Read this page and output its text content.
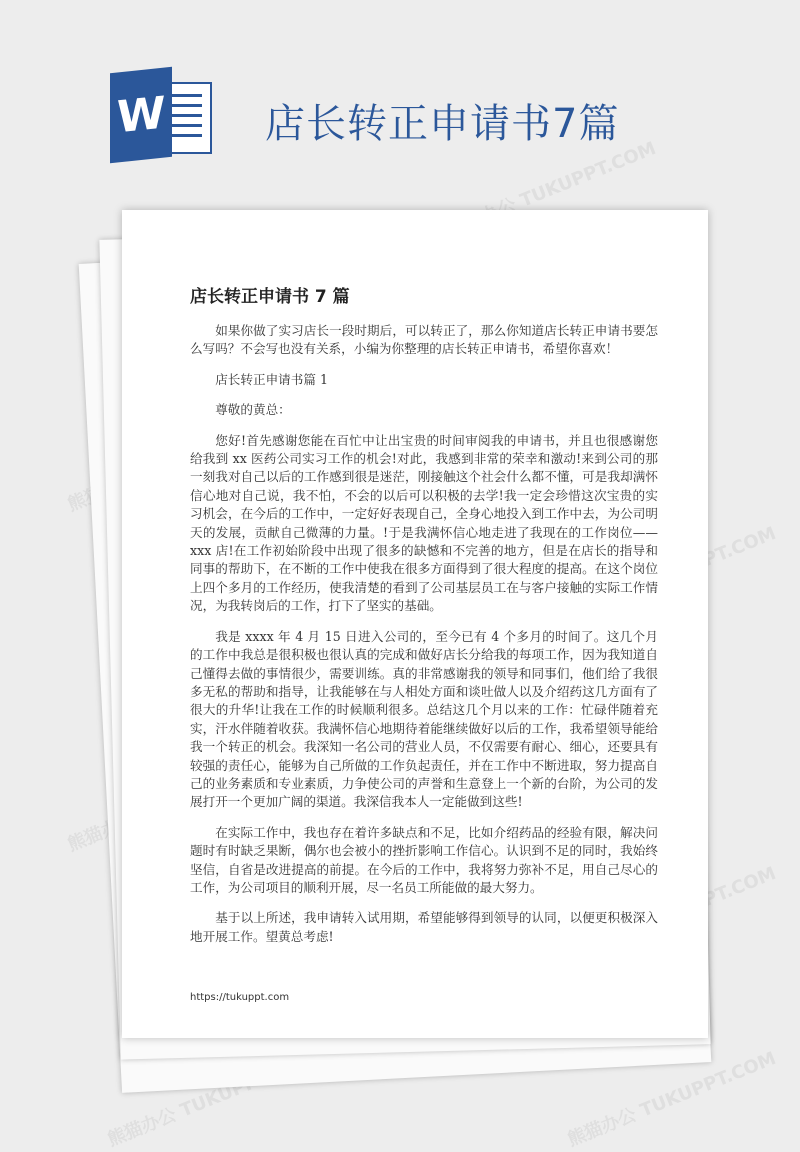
W 店长转正申请书7篇
熊猫办公 TUKUPPT.COM
TUKUPPT.COM
熊猫办公
TUKUPPT.COM
熊猫办公 TUKUPPT.COM	熊猫办公 TUKUPPT.COM
店长转正申请书 7 篇

如果你做了实习店长一段时期后，可以转正了，那么你知道店长转正申请书要怎么写吗？不会写也没有关系，小编为你整理的店长转正申请书，希望你喜欢！

店长转正申请书篇 1

尊敬的黄总：

您好!首先感谢您能在百忙中让出宝贵的时间审阅我的申请书，并且也很感谢您给我到 xx 医药公司实习工作的机会!对此，我感到非常的荣幸和激动!来到公司的那一刻我对自己以后的工作感到很是迷茫，刚接触这个社会什么都不懂，可是我却满怀信心地对自己说，我不怕，不会的以后可以积极的去学!我一定会珍惜这次宝贵的实习机会，在今后的工作中，一定好好表现自己，全身心地投入到工作中去，为公司明天的发展，贡献自己微薄的力量。!于是我满怀信心地走进了我现在的工作岗位——xxx 店!在工作初始阶段中出现了很多的缺憾和不完善的地方，但是在店长的指导和同事的帮助下，在不断的工作中使我在很多方面得到了很大程度的提高。在这个岗位上四个多月的工作经历，使我清楚的看到了公司基层员工在与客户接触的实际工作情况，为我转岗后的工作，打下了坚实的基础。

我是 xxxx 年 4 月 15 日进入公司的，至今已有 4 个多月的时间了。这几个月的工作中我总是很积极也很认真的完成和做好店长分给我的每项工作，因为我知道自己懂得去做的事情很少，需要训练。真的非常感谢我的领导和同事们，他们给了我很多无私的帮助和指导，让我能够在与人相处方面和谈吐做人以及介绍药这几方面有了很大的升华!让我在工作的时候顺利很多。总结这几个月以来的工作：忙碌伴随着充实，汗水伴随着收获。我满怀信心地期待着能继续做好以后的工作，我希望领导能给我一个转正的机会。我深知一名公司的营业人员，不仅需要有耐心、细心，还要具有较强的责任心，能够为自己所做的工作负起责任，并在工作中不断进取，努力提高自己的业务素质和专业素质，力争使公司的声誉和生意登上一个新的台阶，为公司的发展打开一个更加广阔的渠道。我深信我本人一定能做到这些!

在实际工作中，我也存在着许多缺点和不足，比如介绍药品的经验有限，解决问题时有时缺乏果断，偶尔也会被小的挫折影响工作信心。认识到不足的同时，我始终坚信，自省是改进提高的前提。在今后的工作中，我将努力弥补不足，用自己尽心的工作，为公司项目的顺利开展，尽一名员工所能做的最大努力。

基于以上所述，我申请转入试用期，希望能够得到领导的认同，以便更积极深入地开展工作。望黄总考虑!

https://tukuppt.com
